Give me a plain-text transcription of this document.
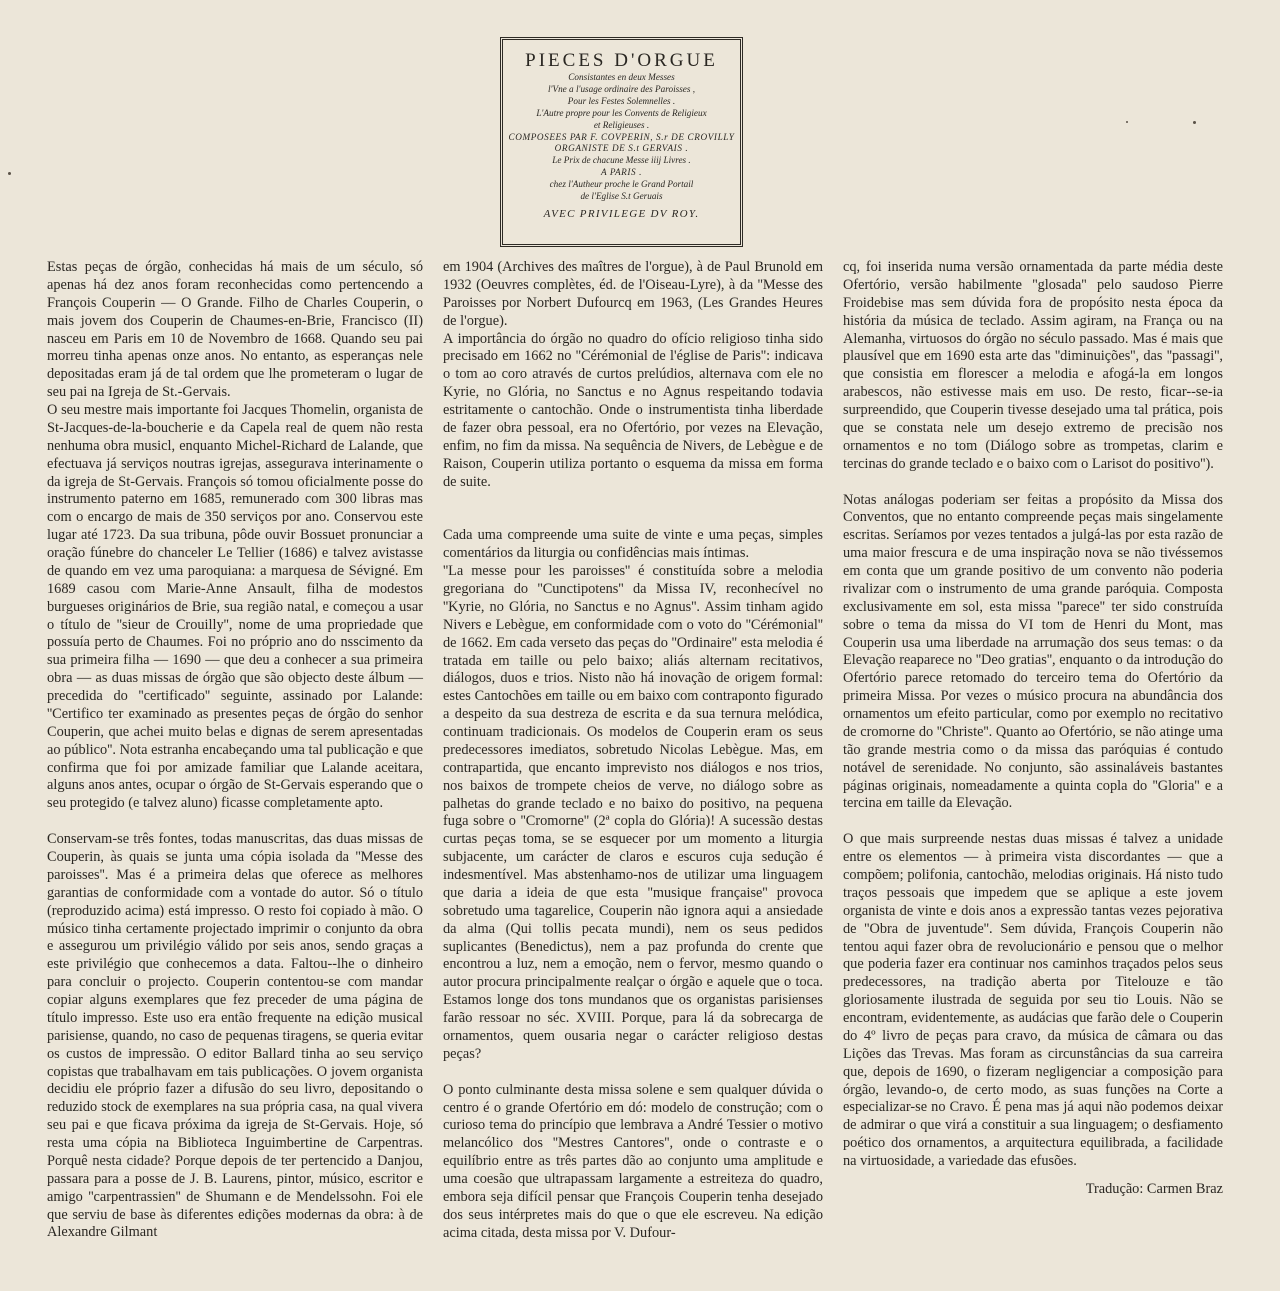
PIECES D'ORGUE
Consistantes en deux Messes
l'Vne a l'usage ordinaire des Paroisses ,
Pour les Festes Solemnelles .
L'Autre propre pour les Convents de Religieux
et Religieuses .
COMPOSEES PAR F. COVPERIN, S.r DE CROVILLY
ORGANISTE DE S.t GERVAIS .
Le Prix de chacune Messe iiij Livres .
A PARIS .
chez l'Autheur proche le Grand Portail
de l'Eglise S.t Geruais
AVEC PRIVILEGE DV ROY.

Estas peças de órgão, conhecidas há mais de um século, só apenas há dez anos foram reconhecidas como pertencendo a François Couperin — O Grande. Filho de Charles Couperin, o mais jovem dos Couperin de Chaumes-en-Brie, Francisco (II) nasceu em Paris em 10 de Novembro de 1668. Quando seu pai morreu tinha apenas onze anos. No entanto, as esperanças nele depositadas eram já de tal ordem que lhe prometeram o lugar de seu pai na Igreja de St.-Gervais.

O seu mestre mais importante foi Jacques Thomelin, organista de St-Jacques-de-la-boucherie e da Capela real de quem não resta nenhuma obra musicl, enquanto Michel-Richard de Lalande, que efectuava já serviços noutras igrejas, assegurava interinamente o da igreja de St-Gervais. François só tomou oficialmente posse do instrumento paterno em 1685, remunerado com 300 libras mas com o encargo de mais de 350 serviços por ano. Conservou este lugar até 1723. Da sua tribuna, pôde ouvir Bossuet pronunciar a oração fúnebre do chanceler Le Tellier (1686) e talvez avistasse de quando em vez uma paroquiana: a marquesa de Sévigné. Em 1689 casou com Marie-Anne Ansault, filha de modestos burgueses originários de Brie, sua região natal, e começou a usar o título de ''sieur de Crouilly'', nome de uma propriedade que possuía perto de Chaumes. Foi no próprio ano do nsscimento da sua primeira filha — 1690 — que deu a conhecer a sua primeira obra — as duas missas de órgão que são objecto deste álbum — precedida do ''certificado'' seguinte, assinado por Lalande: ''Certifico ter examinado as presentes peças de órgão do senhor Couperin, que achei muito belas e dignas de serem apresentadas ao público''. Nota estranha encabeçando uma tal publicação e que confirma que foi por amizade familiar que Lalande aceitara, alguns anos antes, ocupar o órgão de St-Gervais esperando que o seu protegido (e talvez aluno) ficasse completamente apto.

Conservam-se três fontes, todas manuscritas, das duas missas de Couperin, às quais se junta uma cópia isolada da ''Messe des paroisses''. Mas é a primeira delas que oferece as melhores garantias de conformidade com a vontade do autor. Só o título (reproduzido acima) está impresso. O resto foi copiado à mão. O músico tinha certamente projectado imprimir o conjunto da obra e assegurou um privilégio válido por seis anos, sendo graças a este privilégio que conhecemos a data. Faltou--lhe o dinheiro para concluir o projecto. Couperin contentou-se com mandar copiar alguns exemplares que fez preceder de uma página de título impresso. Este uso era então frequente na edição musical parisiense, quando, no caso de pequenas tiragens, se queria evitar os custos de impressão. O editor Ballard tinha ao seu serviço copistas que trabalhavam em tais publicações. O jovem organista decidiu ele próprio fazer a difusão do seu livro, depositando o reduzido stock de exemplares na sua própria casa, na qual vivera seu pai e que ficava próxima da igreja de St-Gervais. Hoje, só resta uma cópia na Biblioteca Inguimbertine de Carpentras. Porquê nesta cidade? Porque depois de ter pertencido a Danjou, passara para a posse de J. B. Laurens, pintor, músico, escritor e amigo ''carpentrassien'' de Shumann e de Mendelssohn. Foi ele que serviu de base às diferentes edições modernas da obra: à de Alexandre Gilmant

em 1904 (Archives des maîtres de l'orgue), à de Paul Brunold em 1932 (Oeuvres complètes, éd. de l'Oiseau-Lyre), à da ''Messe des Paroisses por Norbert Dufourcq em 1963, (Les Grandes Heures de l'orgue).

A importância do órgão no quadro do ofício religioso tinha sido precisado em 1662 no ''Cérémonial de l'église de Paris'': indicava o tom ao coro através de curtos prelúdios, alternava com ele no Kyrie, no Glória, no Sanctus e no Agnus respeitando todavia estritamente o cantochão. Onde o instrumentista tinha liberdade de fazer obra pessoal, era no Ofertório, por vezes na Elevação, enfim, no fim da missa. Na sequência de Nivers, de Lebègue e de Raison, Couperin utiliza portanto o esquema da missa em forma de suite.

Cada uma compreende uma suite de vinte e uma peças, simples comentários da liturgia ou confidências mais íntimas.

''La messe pour les paroisses'' é constituída sobre a melodia gregoriana do ''Cunctipotens'' da Missa IV, reconhecível no ''Kyrie, no Glória, no Sanctus e no Agnus''. Assim tinham agido Nivers e Lebègue, em conformidade com o voto do ''Cérémonial'' de 1662. Em cada verseto das peças do ''Ordinaire'' esta melodia é tratada em taille ou pelo baixo; aliás alternam recitativos, diálogos, duos e trios. Nisto não há inovação de origem formal: estes Cantochões em taille ou em baixo com contraponto figurado a despeito da sua destreza de escrita e da sua ternura melódica, continuam tradicionais. Os modelos de Couperin eram os seus predecessores imediatos, sobretudo Nicolas Lebègue. Mas, em contrapartida, que encanto imprevisto nos diálogos e nos trios, nos baixos de trompete cheios de verve, no diálogo sobre as palhetas do grande teclado e no baixo do positivo, na pequena fuga sobre o ''Cromorne'' (2ª copla do Glória)! A sucessão destas curtas peças toma, se se esquecer por um momento a liturgia subjacente, um carácter de claros e escuros cuja sedução é indesmentível. Mas abstenhamo-nos de utilizar uma linguagem que daria a ideia de que esta ''musique française'' provoca sobretudo uma tagarelice, Couperin não ignora aqui a ansiedade da alma (Qui tollis pecata mundi), nem os seus pedidos suplicantes (Benedictus), nem a paz profunda do crente que encontrou a luz, nem a emoção, nem o fervor, mesmo quando o autor procura principalmente realçar o órgão e aquele que o toca. Estamos longe dos tons mundanos que os organistas parisienses farão ressoar no séc. XVIII. Porque, para lá da sobrecarga de ornamentos, quem ousaria negar o carácter religioso destas peças?

O ponto culminante desta missa solene e sem qualquer dúvida o centro é o grande Ofertório em dó: modelo de construção; com o curioso tema do princípio que lembrava a André Tessier o motivo melancólico dos ''Mestres Cantores'', onde o contraste e o equilíbrio entre as três partes dão ao conjunto uma amplitude e uma coesão que ultrapassam largamente a estreiteza do quadro, embora seja difícil pensar que François Couperin tenha desejado dos seus intérpretes mais do que o que ele escreveu. Na edição acima citada, desta missa por V. Dufour-

cq, foi inserida numa versão ornamentada da parte média deste Ofertório, versão habilmente ''glosada'' pelo saudoso Pierre Froidebise mas sem dúvida fora de propósito nesta época da história da música de teclado. Assim agiram, na França ou na Alemanha, virtuosos do órgão no século passado. Mas é mais que plausível que em 1690 esta arte das ''diminuições'', das ''passagi'', que consistia em florescer a melodia e afogá-la em longos arabescos, não estivesse mais em uso. De resto, ficar--se-ia surpreendido, que Couperin tivesse desejado uma tal prática, pois que se constata nele um desejo extremo de precisão nos ornamentos e no tom (Diálogo sobre as trompetas, clarim e tercinas do grande teclado e o baixo com o Larisot do positivo'').

Notas análogas poderiam ser feitas a propósito da Missa dos Conventos, que no entanto compreende peças mais singelamente escritas. Seríamos por vezes tentados a julgá-las por esta razão de uma maior frescura e de uma inspiração nova se não tivéssemos em conta que um grande positivo de um convento não poderia rivalizar com o instrumento de uma grande paróquia. Composta exclusivamente em sol, esta missa ''parece'' ter sido construída sobre o tema da missa do VI tom de Henri du Mont, mas Couperin usa uma liberdade na arrumação dos seus temas: o da Elevação reaparece no ''Deo gratias'', enquanto o da introdução do Ofertório parece retomado do terceiro tema do Ofertório da primeira Missa. Por vezes o músico procura na abundância dos ornamentos um efeito particular, como por exemplo no recitativo de cromorne do ''Christe''. Quanto ao Ofertório, se não atinge uma tão grande mestria como o da missa das paróquias é contudo notável de serenidade. No conjunto, são assinaláveis bastantes páginas originais, nomeadamente a quinta copla do ''Gloria'' e a tercina em taille da Elevação.

O que mais surpreende nestas duas missas é talvez a unidade entre os elementos — à primeira vista discordantes — que a compõem; polifonia, cantochão, melodias originais. Há nisto tudo traços pessoais que impedem que se aplique a este jovem organista de vinte e dois anos a expressão tantas vezes pejorativa de ''Obra de juventude''. Sem dúvida, François Couperin não tentou aqui fazer obra de revolucionário e pensou que o melhor que poderia fazer era continuar nos caminhos traçados pelos seus predecessores, na tradição aberta por Titelouze e tão gloriosamente ilustrada de seguida por seu tio Louis. Não se encontram, evidentemente, as audácias que farão dele o Couperin do 4º livro de peças para cravo, da música de câmara ou das Lições das Trevas. Mas foram as circunstâncias da sua carreira que, depois de 1690, o fizeram negligenciar a composição para órgão, levando-o, de certo modo, as suas funções na Corte a especializar-se no Cravo. É pena mas já aqui não podemos deixar de admirar o que virá a constituir a sua linguagem; o desfiamento poético dos ornamentos, a arquitectura equilibrada, a facilidade na virtuosidade, a variedade das efusões.

Tradução: Carmen Braz
